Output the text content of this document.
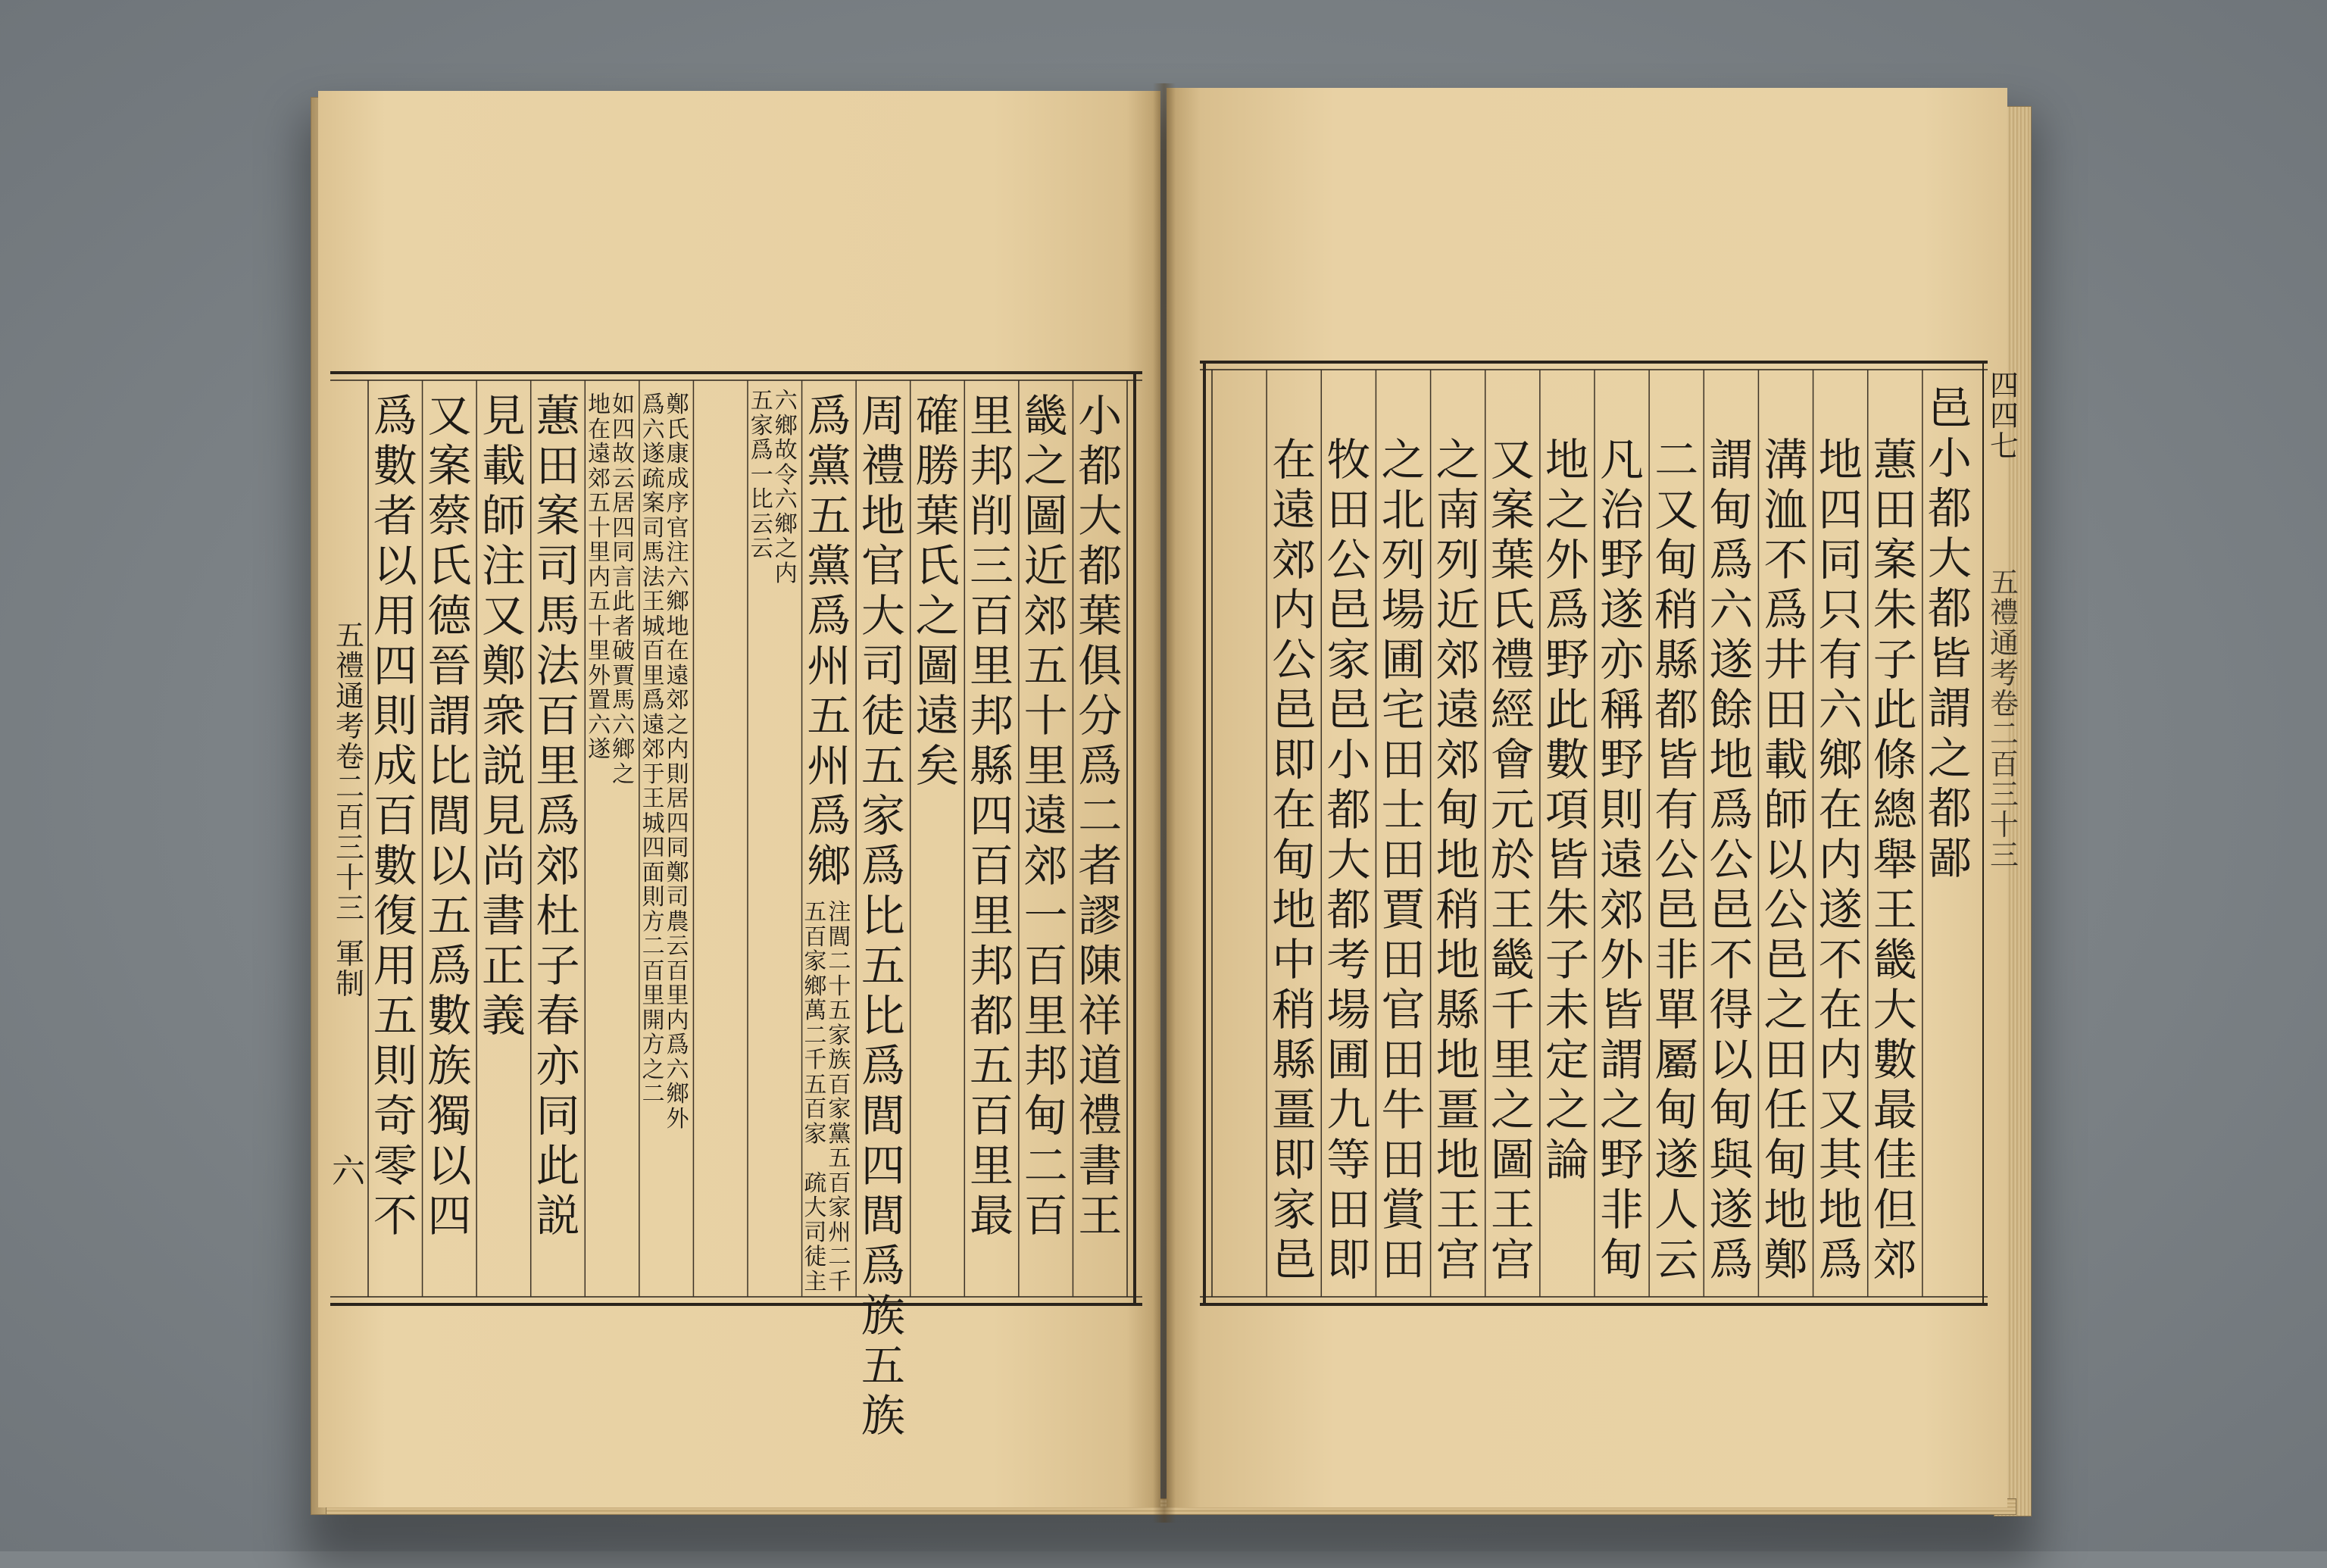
五
禮
通
考
卷
二
百
三
十
三
軍
制
六
四
四
七
五
禮
通
考
卷
二
百
三
十
三
小
都
大
都
葉
俱
分
爲
二
者
謬
陳
祥
道
禮
書
王
畿
之
圖
近
郊
五
十
里
遠
郊
一
百
里
邦
甸
二
百
里
邦
削
三
百
里
邦
縣
四
百
里
邦
都
五
百
里
最
確
勝
葉
氏
之
圖
遠
矣
周
禮
地
官
大
司
徒
五
家
爲
比
五
比
爲
閭
四
閭
爲
族
五
族
爲
黨
五
黨
爲
州
五
州
爲
鄉
注
閭
二
十
五
家
族
百
家
黨
五
百
家
州
二
千
五
百
家
鄉
萬
二
千
五
百
家

疏
大
司
徒
主
六
鄉
故
令
六
鄉
之
内
五
家
爲
一
比
云
云
鄭
氏
康
成
序
官
注
六
鄉
地
在
遠
郊
之
内
則
居
四
同
鄭
司
農
云
百
里
内
爲
六
鄉
外
爲
六
遂
疏
案
司
馬
法
王
城
百
里
爲
遠
郊
于
王
城
四
面
則
方
二
百
里
開
方
之
二
如
四
故
云
居
四
同
言
此
者
破
賈
馬
六
鄉
之
地
在
遠
郊
五
十
里
内
五
十
里
外
置
六
遂
蕙
田
案
司
馬
法
百
里
爲
郊
杜
子
春
亦
同
此
説
見
載
師
注
又
鄭
衆
説
見
尚
書
正
義
又
案
蔡
氏
德
晉
謂
比
閭
以
五
爲
數
族
獨
以
四
爲
數
者
以
用
四
則
成
百
數
復
用
五
則
奇
零
不
邑
小
都
大
都
皆
謂
之
都
鄙
蕙
田
案
朱
子
此
條
總
舉
王
畿
大
數
最
佳
但
郊
地
四
同
只
有
六
鄉
在
内
遂
不
在
内
又
其
地
爲
溝
洫
不
爲
井
田
載
師
以
公
邑
之
田
任
甸
地
鄭
謂
甸
爲
六
遂
餘
地
爲
公
邑
不
得
以
甸
與
遂
爲
二
又
甸
稍
縣
都
皆
有
公
邑
非
單
屬
甸
遂
人
云
凡
治
野
遂
亦
稱
野
則
遠
郊
外
皆
謂
之
野
非
甸
地
之
外
爲
野
此
數
項
皆
朱
子
未
定
之
論
又
案
葉
氏
禮
經
會
元
於
王
畿
千
里
之
圖
王
宫
之
南
列
近
郊
遠
郊
甸
地
稍
地
縣
地
畺
地
王
宫
之
北
列
場
圃
宅
田
士
田
賈
田
官
田
牛
田
賞
田
牧
田
公
邑
家
邑
小
都
大
都
考
場
圃
九
等
田
即
在
遠
郊
内
公
邑
即
在
甸
地
中
稍
縣
畺
即
家
邑
